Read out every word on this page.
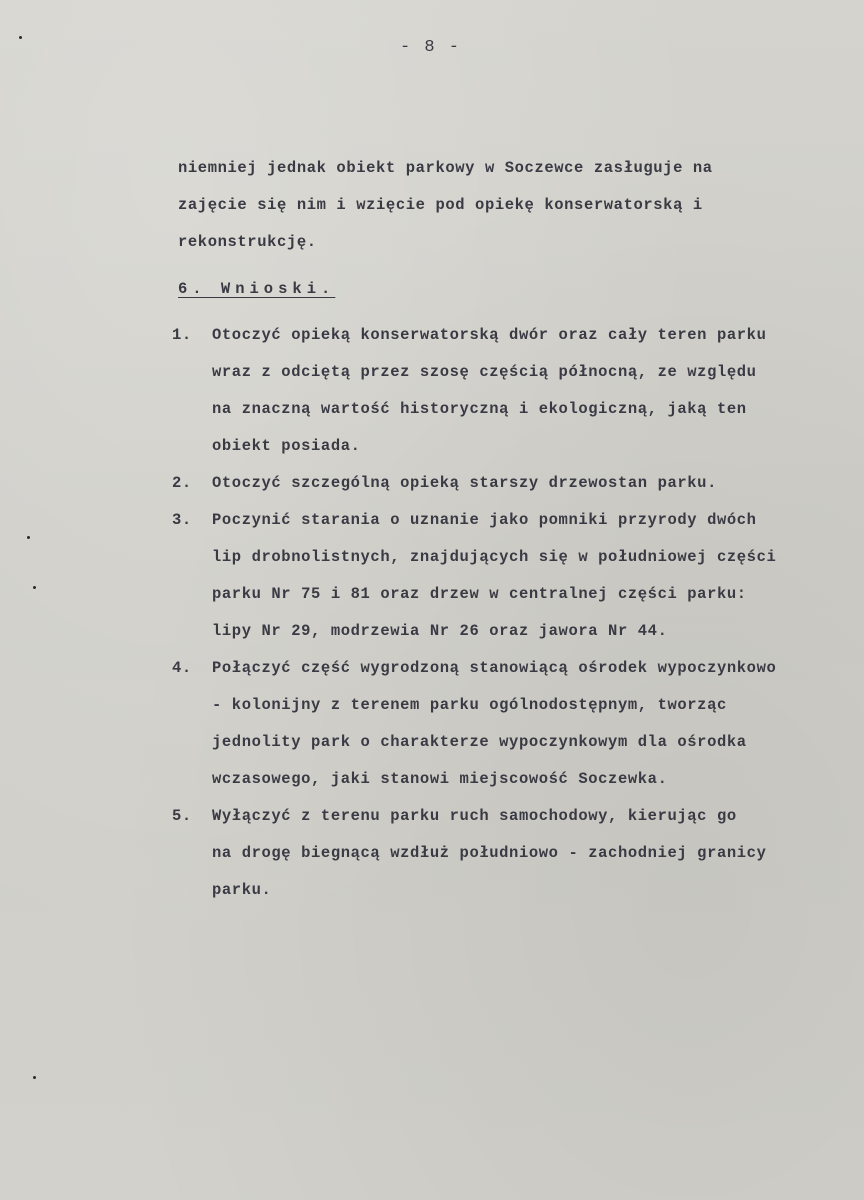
- 8 -
niemniej jednak obiekt parkowy w Soczewce zasługuje na
zajęcie się nim i wzięcie pod opiekę konserwatorską i
rekonstrukcję.
6. Wnioski.
1. Otoczyć opieką konserwatorską dwór oraz cały teren parku
wraz z odciętą przez szosę częścią północną, ze względu
na znaczną wartość historyczną i ekologiczną, jaką ten
obiekt posiada.
2. Otoczyć szczególną opieką starszy drzewostan parku.
3. Poczynić starania o uznanie jako pomniki przyrody dwóch
lip drobnolistnych, znajdujących się w południowej części
parku Nr 75 i 81 oraz drzew w centralnej części parku:
lipy Nr 29, modrzewia Nr 26 oraz jawora Nr 44.
4. Połączyć część wygrodzoną stanowiącą ośrodek wypoczynkowo
- kolonijny z terenem parku ogólnodostępnym, tworząc
jednolity park o charakterze wypoczynkowym dla ośrodka
wczasowego, jaki stanowi miejscowość Soczewka.
5. Wyłączyć z terenu parku ruch samochodowy, kierując go
na drogę biegnącą wzdłuż południowo - zachodniej granicy
parku.
